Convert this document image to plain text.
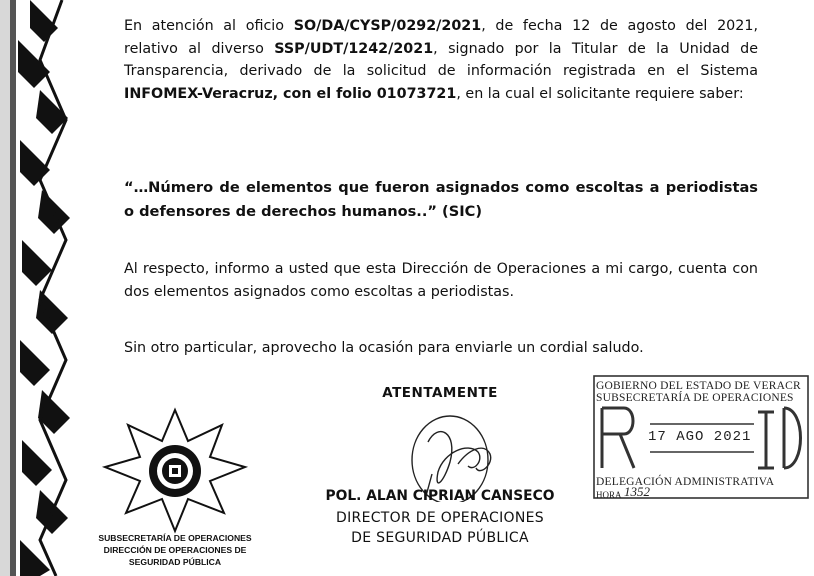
En atención al oficio SO/DA/CYSP/0292/2021, de fecha 12 de agosto del 2021, relativo al diverso SSP/UDT/1242/2021, signado por la Titular de la Unidad de Transparencia, derivado de la solicitud de información registrada en el Sistema INFOMEX-Veracruz, con el folio 01073721, en la cual el solicitante requiere saber:
“…Número de elementos que fueron asignados como escoltas a periodistas o defensores de derechos humanos..” (SIC)
Al respecto, informo a usted que esta Dirección de Operaciones a mi cargo, cuenta con dos elementos asignados como escoltas a periodistas.
Sin otro particular, aprovecho la ocasión para enviarle un cordial saludo.
ATENTAMENTE
POL. ALAN CIPRIAN CANSECO
DIRECTOR DE OPERACIONES
DE SEGURIDAD PÚBLICA
SUBSECRETARÍA DE OPERACIONES
DIRECCIÓN DE OPERACIONES DE
SEGURIDAD PÚBLICA
GOBIERNO DEL ESTADO DE VERACR
SUBSECRETARÍA DE OPERACIONES
17 AGO 2021
DELEGACIÓN ADMINISTRATIVA
HORA 1352
